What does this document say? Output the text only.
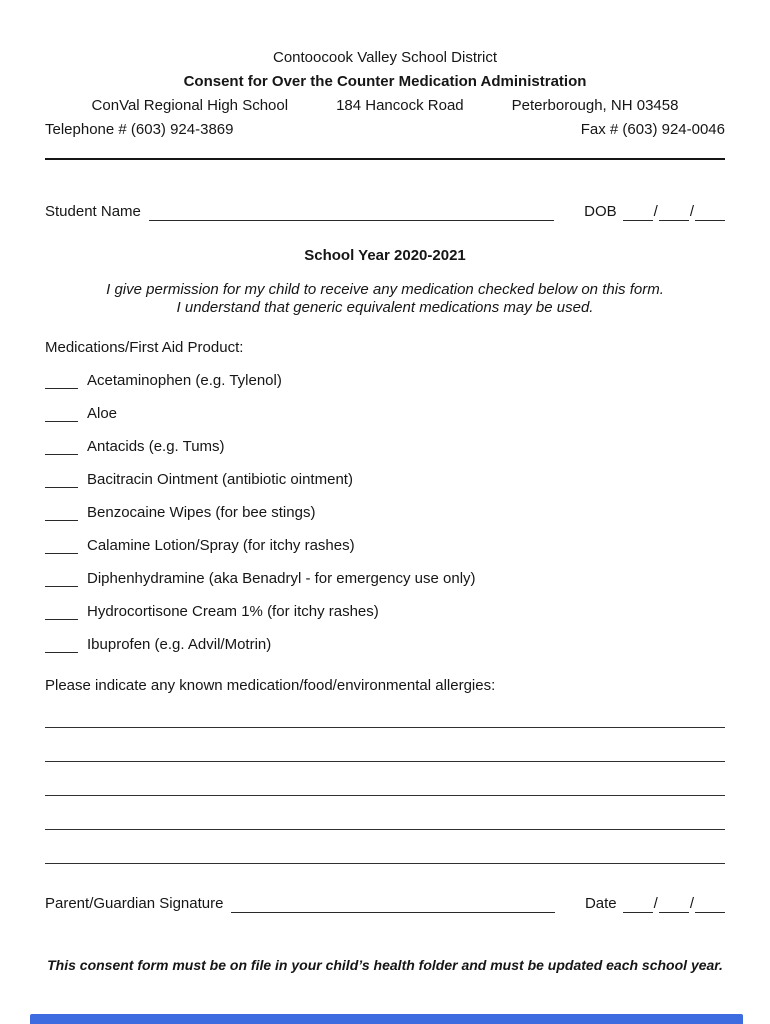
Contoocook Valley School District
Consent for Over the Counter Medication Administration
ConVal Regional High School	184 Hancock Road	Peterborough, NH 03458
Telephone # (603) 924-3869	Fax # (603) 924-0046
Student Name	DOB / /
School Year 2020-2021
I give permission for my child to receive any medication checked below on this form.
I understand that generic equivalent medications may be used.
Medications/First Aid Product:
Acetaminophen (e.g. Tylenol)
Aloe
Antacids (e.g. Tums)
Bacitracin Ointment (antibiotic ointment)
Benzocaine Wipes (for bee stings)
Calamine Lotion/Spray (for itchy rashes)
Diphenhydramine (aka Benadryl - for emergency use only)
Hydrocortisone Cream 1% (for itchy rashes)
Ibuprofen (e.g. Advil/Motrin)
Please indicate any known medication/food/environmental allergies:
Parent/Guardian Signature	Date / /
This consent form must be on file in your child’s health folder and must be updated each school year.
